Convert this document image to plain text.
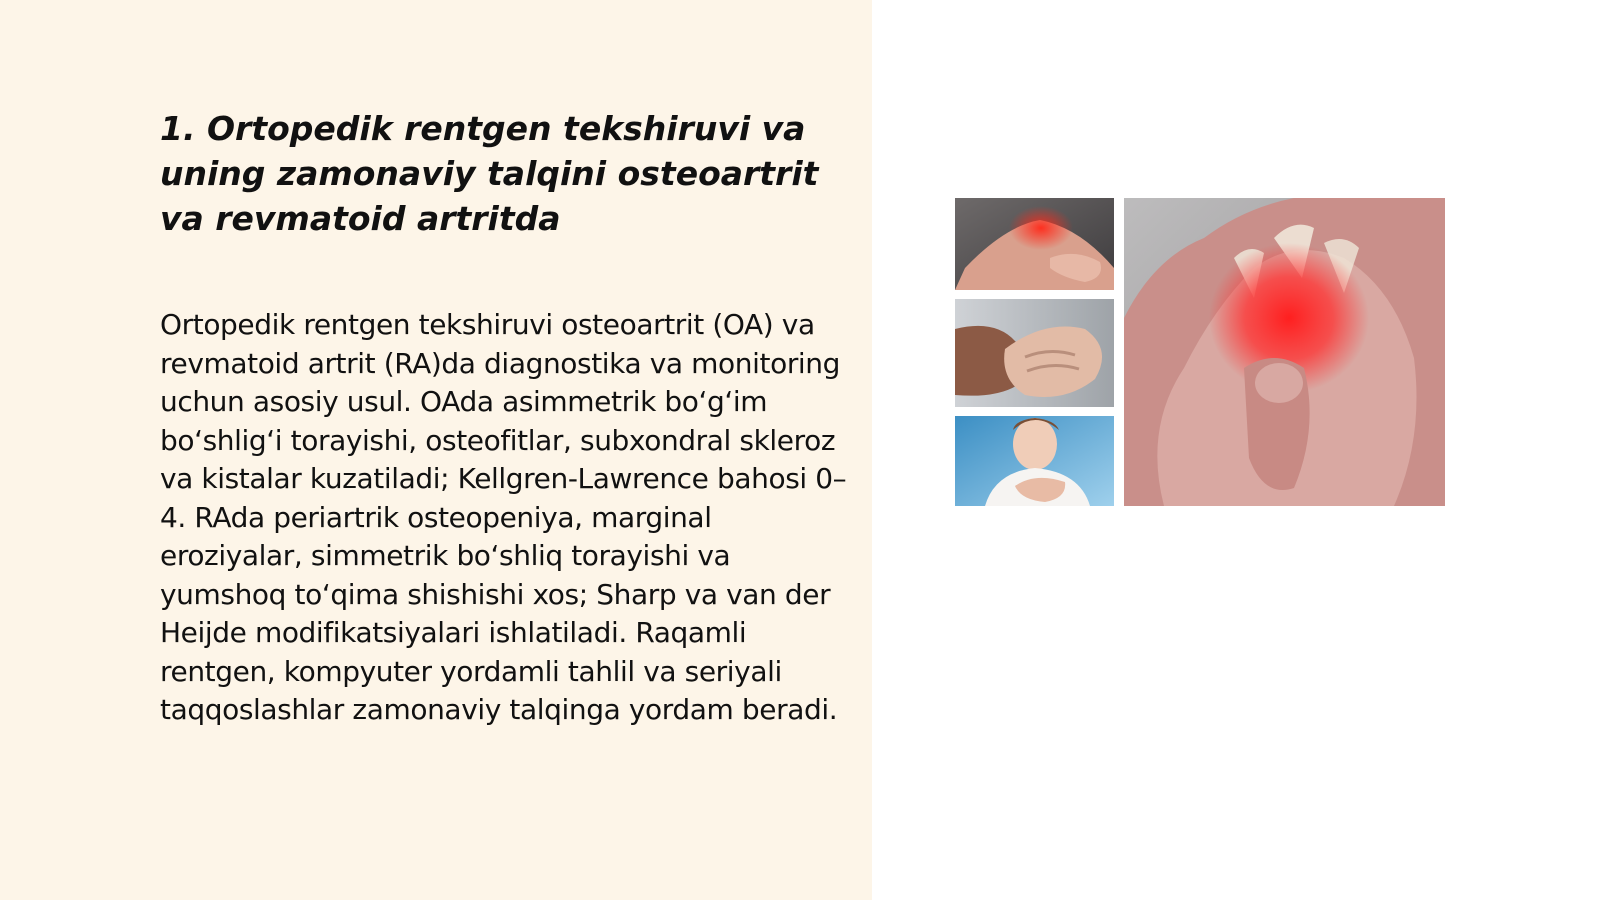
1. Ortopedik rentgen tekshiruvi va uning zamonaviy talqini osteoartrit va revmatoid artritda

Ortopedik rentgen tekshiruvi osteoartrit (OA) va revmatoid artrit (RA)da diagnostika va monitoring uchun asosiy usul. OAda asimmetrik bo‘g‘im bo‘shlig‘i torayishi, osteofitlar, subxondral skleroz va kistalar kuzatiladi; Kellgren-Lawrence bahosi 0–4. RAda periartrik osteopeniya, marginal eroziyalar, simmetrik bo‘shliq torayishi va yumshoq to‘qima shishishi xos; Sharp va van der Heijde modifikatsiyalari ishlatiladi. Raqamli rentgen, kompyuter yordamli tahlil va seriyali taqqoslashlar zamonaviy talqinga yordam beradi.
